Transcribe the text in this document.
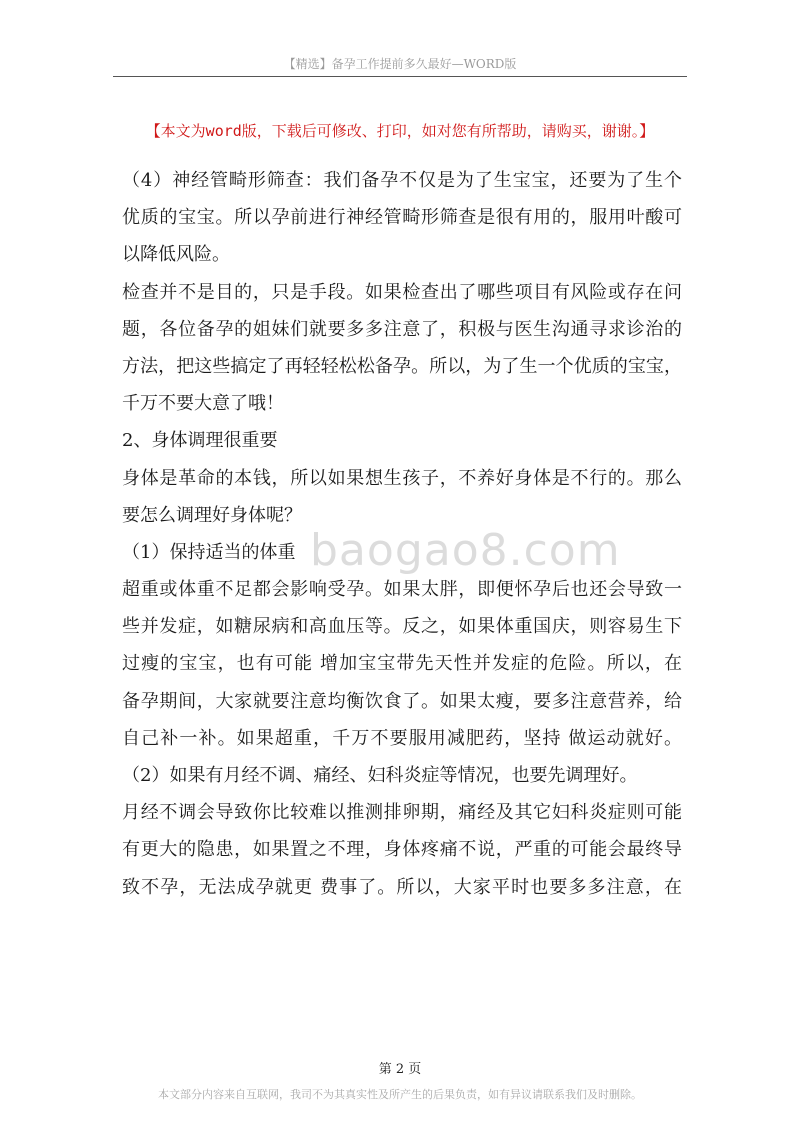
【精选】备孕工作提前多久最好—WORD版
【本文为word版，下载后可修改、打印，如对您有所帮助，请购买，谢谢。】
baogao8.com
（4）神经管畸形筛查：我们备孕不仅是为了生宝宝，还要为了生个
优质的宝宝。所以孕前进行神经管畸形筛查是很有用的，服用叶酸可
以降低风险。
检查并不是目的，只是手段。如果检查出了哪些项目有风险或存在问
题，各位备孕的姐妹们就要多多注意了，积极与医生沟通寻求诊治的
方法，把这些搞定了再轻轻松松备孕。所以，为了生一个优质的宝宝，
千万不要大意了哦！
2、身体调理很重要
身体是革命的本钱，所以如果想生孩子，不养好身体是不行的。那么
要怎么调理好身体呢？
（1）保持适当的体重
超重或体重不足都会影响受孕。如果太胖，即便怀孕后也还会导致一
些并发症，如糖尿病和高血压等。反之，如果体重国庆，则容易生下
过瘦的宝宝，也有可能 增加宝宝带先天性并发症的危险。所以，在
备孕期间，大家就要注意均衡饮食了。如果太瘦，要多注意营养，给
自己补一补。如果超重，千万不要服用减肥药，坚持 做运动就好。
（2）如果有月经不调、痛经、妇科炎症等情况，也要先调理好。
月经不调会导致你比较难以推测排卵期，痛经及其它妇科炎症则可能
有更大的隐患，如果置之不理，身体疼痛不说，严重的可能会最终导
致不孕，无法成孕就更 费事了。所以，大家平时也要多多注意，在
第 2 页
本文部分内容来自互联网，我司不为其真实性及所产生的后果负责，如有异议请联系我们及时删除。
